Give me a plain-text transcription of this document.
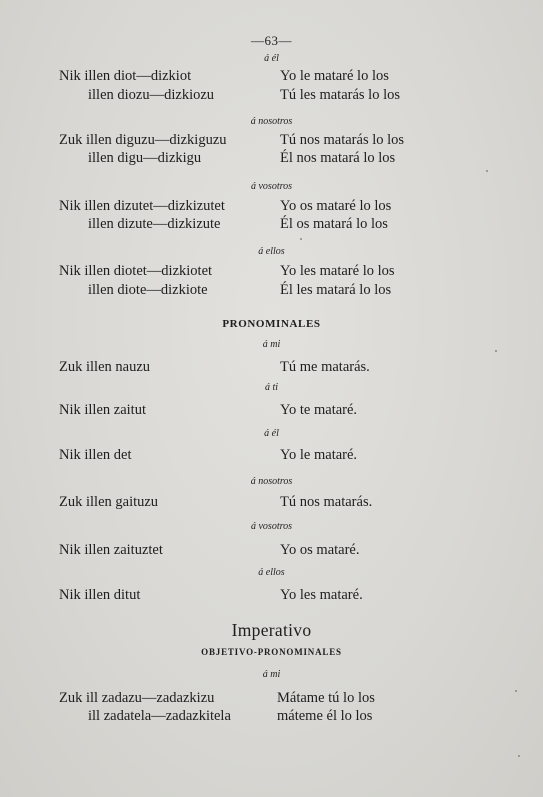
—63—
á él
Nik illen diot—dizkiot	Yo le mataré lo los
illen diozu—dizkiozu	Tú les matarás lo los
á nosotros
Zuk illen diguzu—dizkiguzu	Tú nos matarás lo los
illen digu—dizkigu	Él nos matará lo los
á vosotros
Nik illen dizutet—dizkizutet	Yo os mataré lo los
illen dizute—dizkizute	Él os matará lo los
á ellos
Nik illen diotet—dizkiotet	Yo les mataré lo los
illen diote—dizkiote	Él les matará lo los
PRONOMINALES
á mi
Zuk illen nauzu	Tú me matarás.
á ti
Nik illen zaitut	Yo te mataré.
á él
Nik illen det	Yo le mataré.
á nosotros
Zuk illen gaituzu	Tú nos matarás.
á vosotros
Nik illen zaituztet	Yo os mataré.
á ellos
Nik illen ditut	Yo les mataré.
Imperativo
OBJETIVO-PRONOMINALES
á mi
Zuk ill zadazu—zadazkizu	Mátame tú lo los
ill zadatela—zadazkitela	máteme él lo los
